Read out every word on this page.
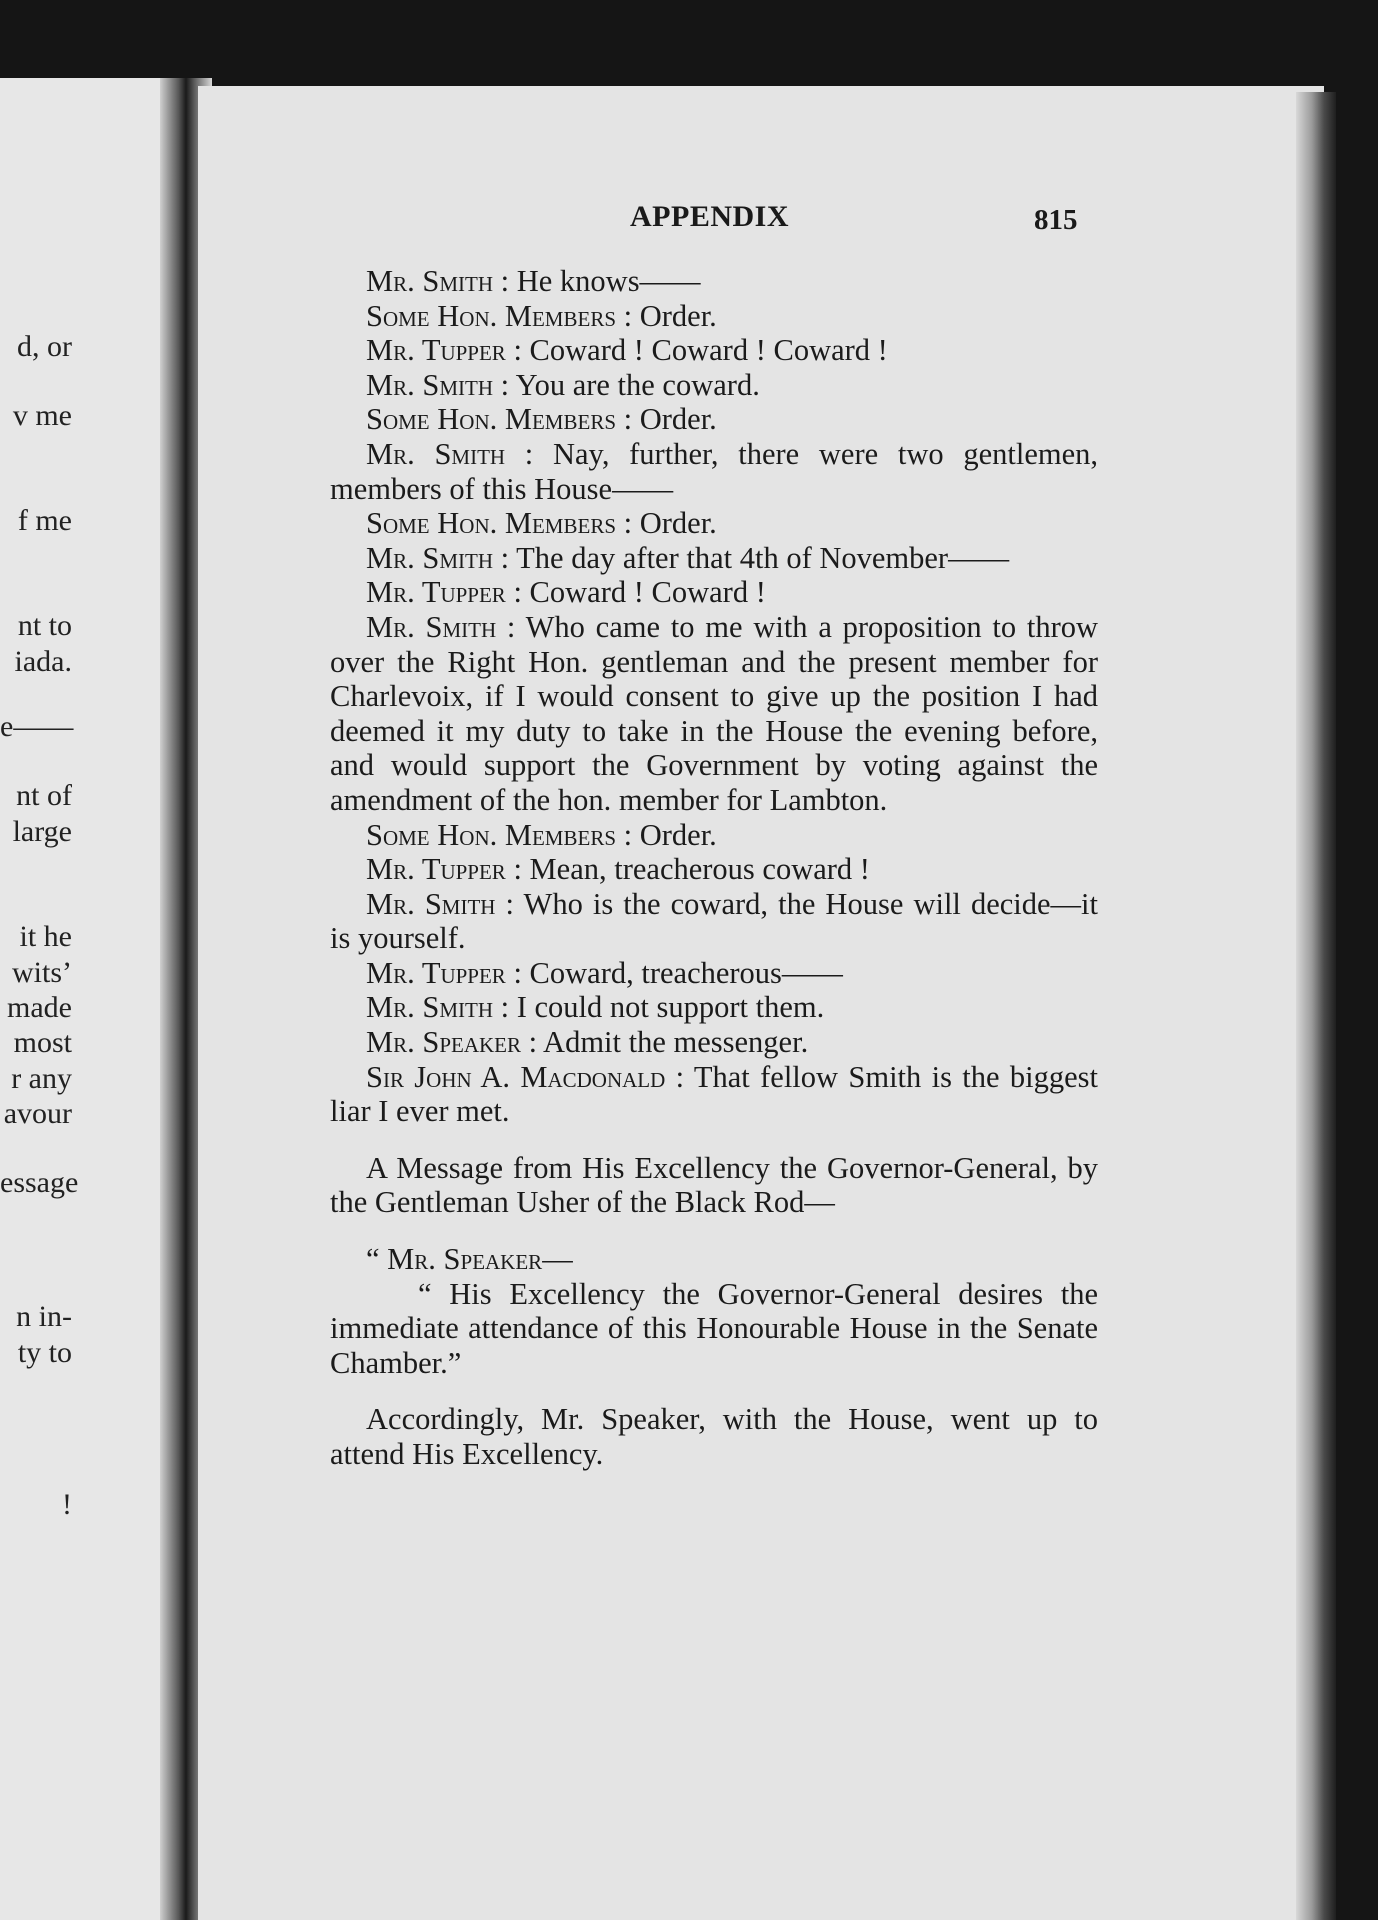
d, or
v me
f me
nt to
iada.
e——
nt of
large
it he
wits’
made
most
r any
avour
essage
n in-
ty to
!
APPENDIX	815

Mr. Smith : He knows——

Some Hon. Members : Order.

Mr. Tupper : Coward ! Coward ! Coward !

Mr. Smith : You are the coward.

Some Hon. Members : Order.

Mr. Smith : Nay, further, there were two gentlemen, members of this House——

Some Hon. Members : Order.

Mr. Smith : The day after that 4th of November——

Mr. Tupper : Coward ! Coward !

Mr. Smith : Who came to me with a proposition to throw over the Right Hon. gentleman and the present member for Charlevoix, if I would consent to give up the position I had deemed it my duty to take in the House the evening before, and would support the Government by voting against the amendment of the hon. member for Lambton.

Some Hon. Members : Order.

Mr. Tupper : Mean, treacherous coward !

Mr. Smith : Who is the coward, the House will decide—it is yourself.

Mr. Tupper : Coward, treacherous——

Mr. Smith : I could not support them.

Mr. Speaker : Admit the messenger.

Sir John A. Macdonald : That fellow Smith is the biggest liar I ever met.

A Message from His Excellency the Governor-General, by the Gentleman Usher of the Black Rod—

“ Mr. Speaker—

“ His Excellency the Governor-General desires the immediate attendance of this Honourable House in the Senate Chamber.”

Accordingly, Mr. Speaker, with the House, went up to attend His Excellency.
